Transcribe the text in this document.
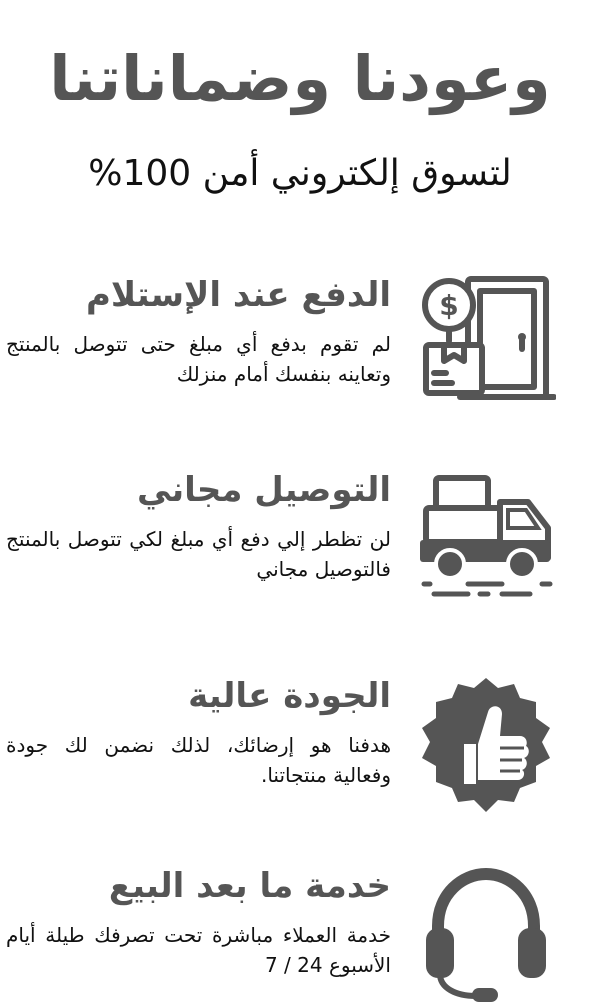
وعودنا وضماناتنا
لتسوق إلكتروني أمن 100%
$
الدفع عند الإستلام

لم تقوم بدفع أي مبلغ حتى تتوصل بالمنتج وتعاينه بنفسك أمام منزلك

التوصيل مجاني

لن تظطر إلي دفع أي مبلغ لكي تتوصل بالمنتج فالتوصيل مجاني

الجودة عالية

هدفنا هو إرضائك، لذلك نضمن لك جودة وفعالية منتجاتنا.

خدمة ما بعد البيع

خدمة العملاء مباشرة تحت تصرفك طيلة أيام الأسبوع 24 / 7
